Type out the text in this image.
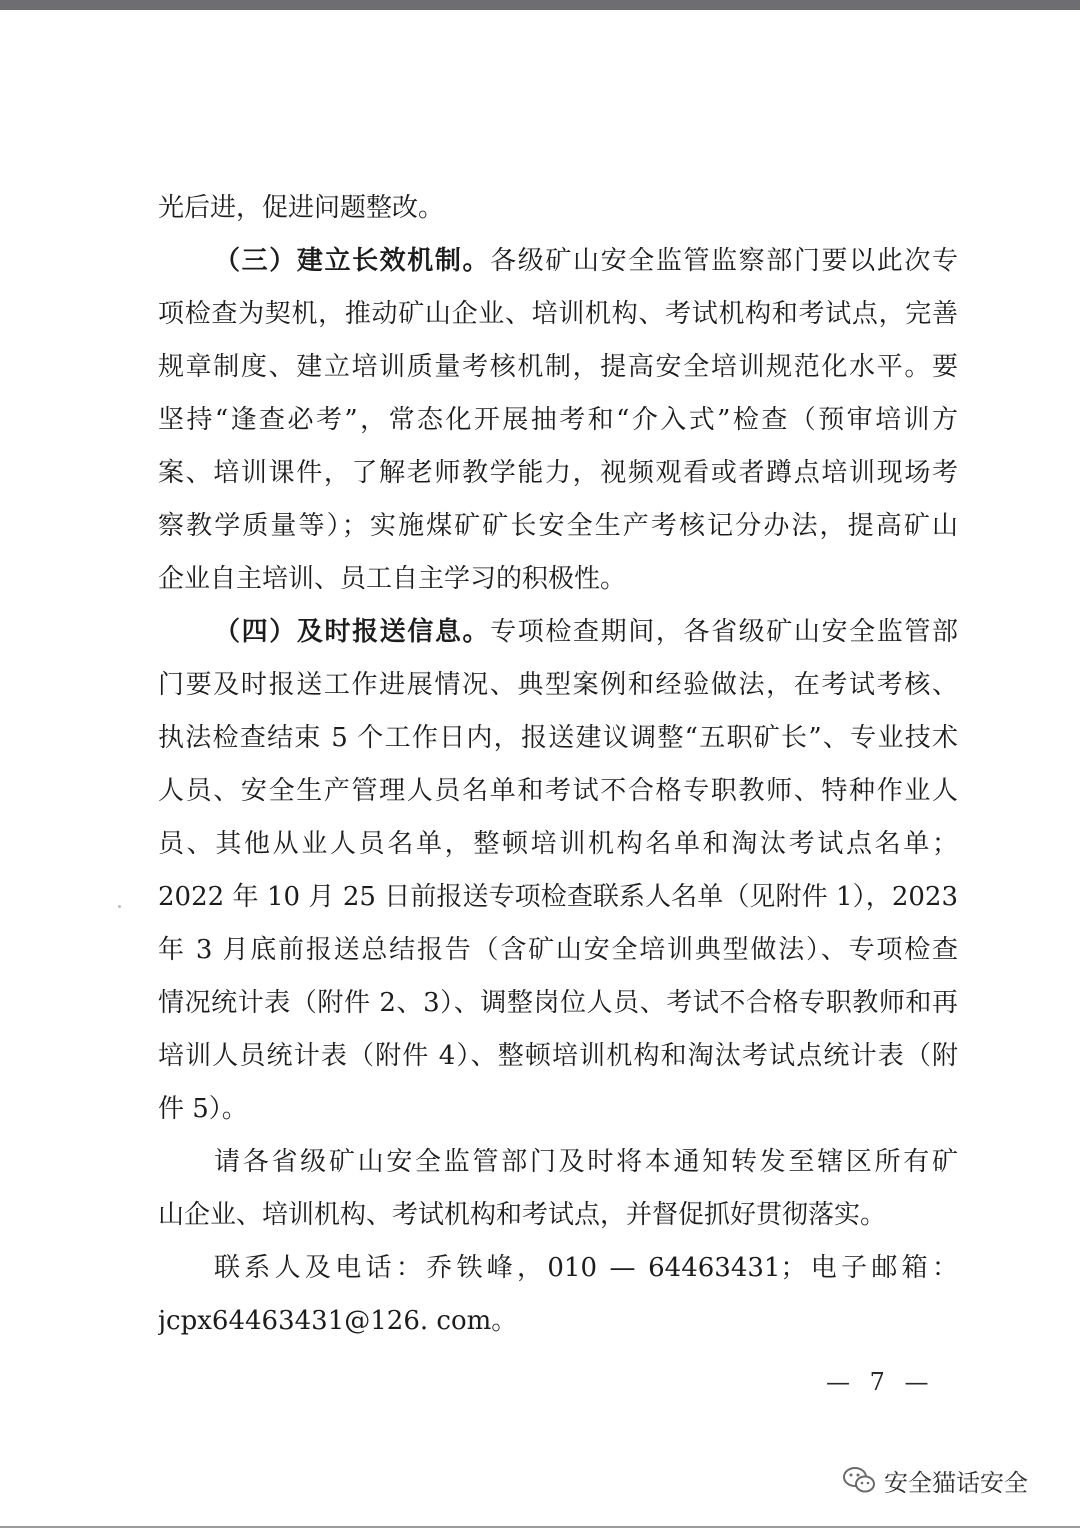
光后进，促进问题整改。
（三）建立长效机制。各级矿山安全监管监察部门要以此次专
项检查为契机，推动矿山企业、培训机构、考试机构和考试点，完善
规章制度、建立培训质量考核机制，提高安全培训规范化水平。要
坚持“逢查必考”，常态化开展抽考和“介入式”检查（预审培训方
案、培训课件，了解老师教学能力，视频观看或者蹲点培训现场考
察教学质量等）；实施煤矿矿长安全生产考核记分办法，提高矿山
企业自主培训、员工自主学习的积极性。
（四）及时报送信息。专项检查期间，各省级矿山安全监管部
门要及时报送工作进展情况、典型案例和经验做法，在考试考核、
执法检查结束 5 个工作日内，报送建议调整“五职矿长”、专业技术
人员、安全生产管理人员名单和考试不合格专职教师、特种作业人
员、其他从业人员名单，整顿培训机构名单和淘汰考试点名单；
2022 年 10 月 25 日前报送专项检查联系人名单（见附件 1），2023
年 3 月底前报送总结报告（含矿山安全培训典型做法）、专项检查
情况统计表（附件 2、3）、调整岗位人员、考试不合格专职教师和再
培训人员统计表（附件 4）、整顿培训机构和淘汰考试点统计表（附
件 5）。
请各省级矿山安全监管部门及时将本通知转发至辖区所有矿
山企业、培训机构、考试机构和考试点，并督促抓好贯彻落实。
联系人及电话：乔铁峰，010 — 64463431；电子邮箱：
jcpx64463431@126. com。
— 7 —
安全猫话安全
